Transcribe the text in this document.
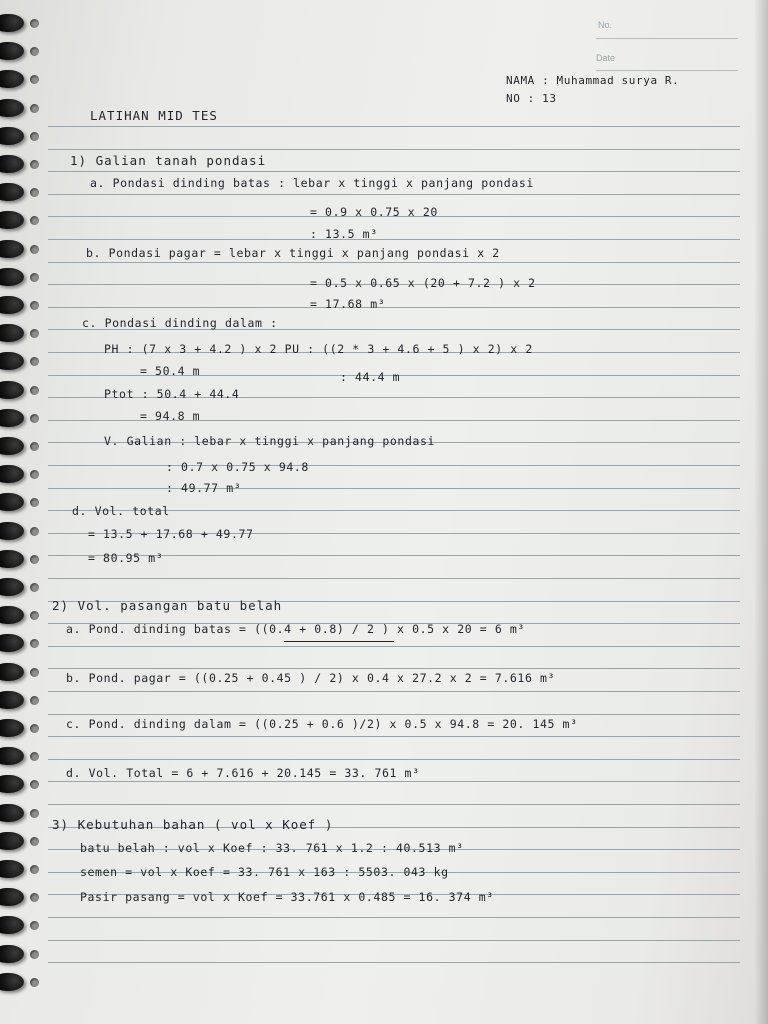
No.
Date
NAMA : Muhammad surya R.
NO : 13
LATIHAN MID TES
1) Galian tanah pondasi
a. Pondasi dinding batas : lebar x tinggi x panjang pondasi
= 0.9 x 0.75 x 20
: 13.5 m³
b. Pondasi pagar = lebar x tinggi x panjang pondasi x 2
= 0.5 x 0.65 x (20 + 7.2 ) x 2
= 17.68 m³
c. Pondasi dinding dalam :
PH : (7 x 3 + 4.2 ) x 2 PU : ((2 * 3 + 4.6 + 5 ) x 2) x 2
= 50.4 m	: 44.4 m
Ptot : 50.4 + 44.4
= 94.8 m
V. Galian : lebar x tinggi x panjang pondasi
: 0.7 x 0.75 x 94.8
: 49.77 m³
d. Vol. total
= 13.5 + 17.68 + 49.77
= 80.95 m³
2) Vol. pasangan batu belah
a. Pond. dinding batas = ((0.4 + 0.8) / 2 ) x 0.5 x 20 = 6 m³
b. Pond. pagar = ((0.25 + 0.45 ) / 2) x 0.4 x 27.2 x 2 = 7.616 m³
c. Pond. dinding dalam = ((0.25 + 0.6 )/2) x 0.5 x 94.8 = 20. 145 m³
d. Vol. Total = 6 + 7.616 + 20.145 = 33. 761 m³
3) Kebutuhan bahan ( vol x Koef )
batu belah : vol x Koef : 33. 761 x 1.2 : 40.513 m³
semen = vol x Koef = 33. 761 x 163 : 5503. 043 kg
Pasir pasang = vol x Koef = 33.761 x 0.485 = 16. 374 m³
